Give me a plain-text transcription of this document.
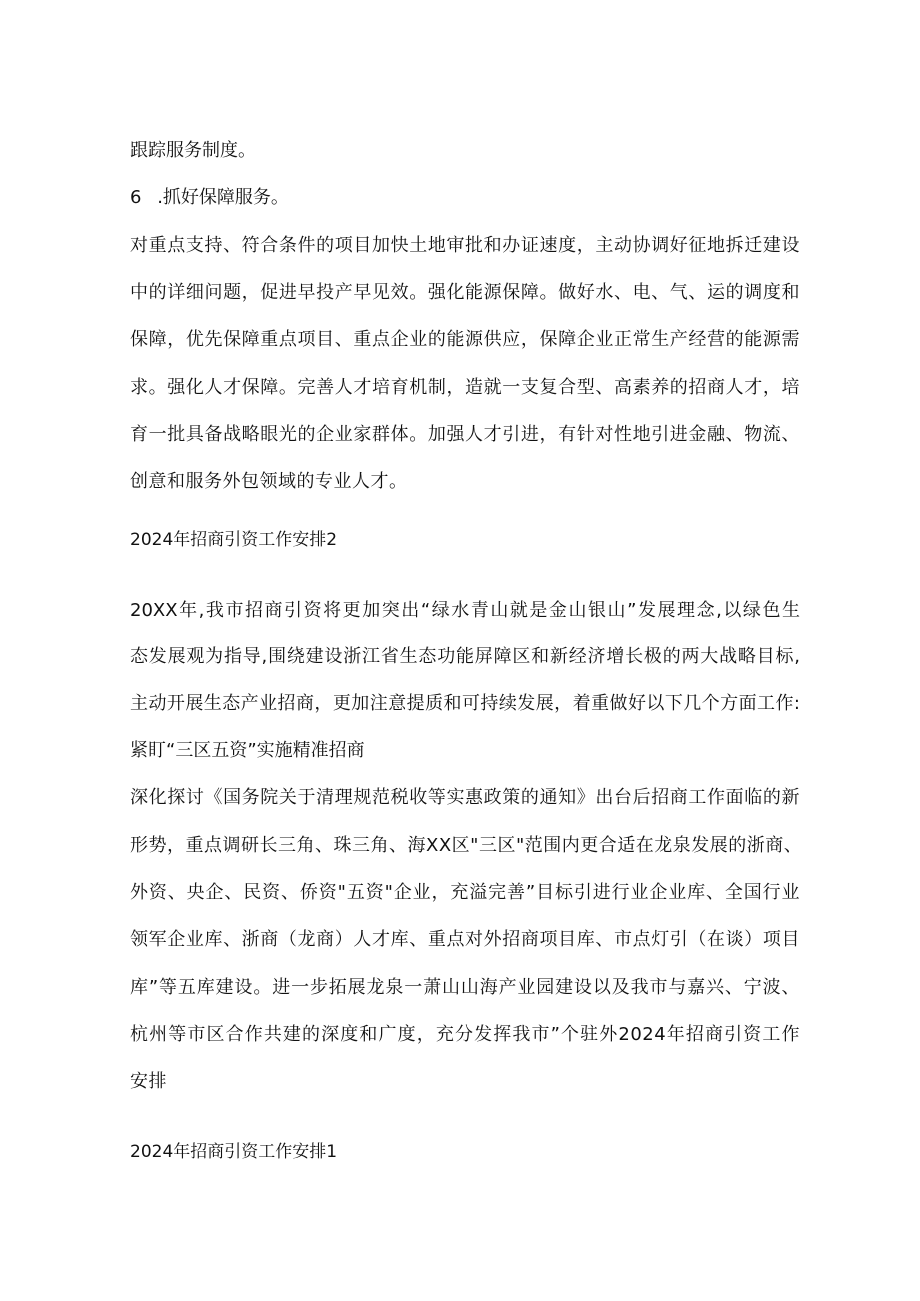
跟踪服务制度。
6 .抓好保障服务。
对重点支持、符合条件的项目加快土地审批和办证速度，主动协调好征地拆迁建设
中的详细问题，促进早投产早见效。强化能源保障。做好水、电、气、运的调度和
保障，优先保障重点项目、重点企业的能源供应，保障企业正常生产经营的能源需
求。强化人才保障。完善人才培育机制，造就一支复合型、高素养的招商人才，培
育一批具备战略眼光的企业家群体。加强人才引进，有针对性地引进金融、物流、
创意和服务外包领域的专业人才。
2024年招商引资工作安排2
20XX年,我市招商引资将更加突出“绿水青山就是金山银山”发展理念,以绿色生
态发展观为指导,围绕建设浙江省生态功能屏障区和新经济增长极的两大战略目标,
主动开展生态产业招商，更加注意提质和可持续发展，着重做好以下几个方面工作:
紧盯“三区五资”实施精准招商
深化探讨《国务院关于清理规范税收等实惠政策的通知》出台后招商工作面临的新
形势，重点调研长三角、珠三角、海XX区"三区"范围内更合适在龙泉发展的浙商、
外资、央企、民资、侨资"五资"企业，充溢完善”目标引进行业企业库、全国行业
领军企业库、浙商（龙商）人才库、重点对外招商项目库、市点灯引（在谈）项目
库”等五库建设。进一步拓展龙泉一萧山山海产业园建设以及我市与嘉兴、宁波、
杭州等市区合作共建的深度和广度，充分发挥我市”个驻外2024年招商引资工作
安排
2024年招商引资工作安排1
